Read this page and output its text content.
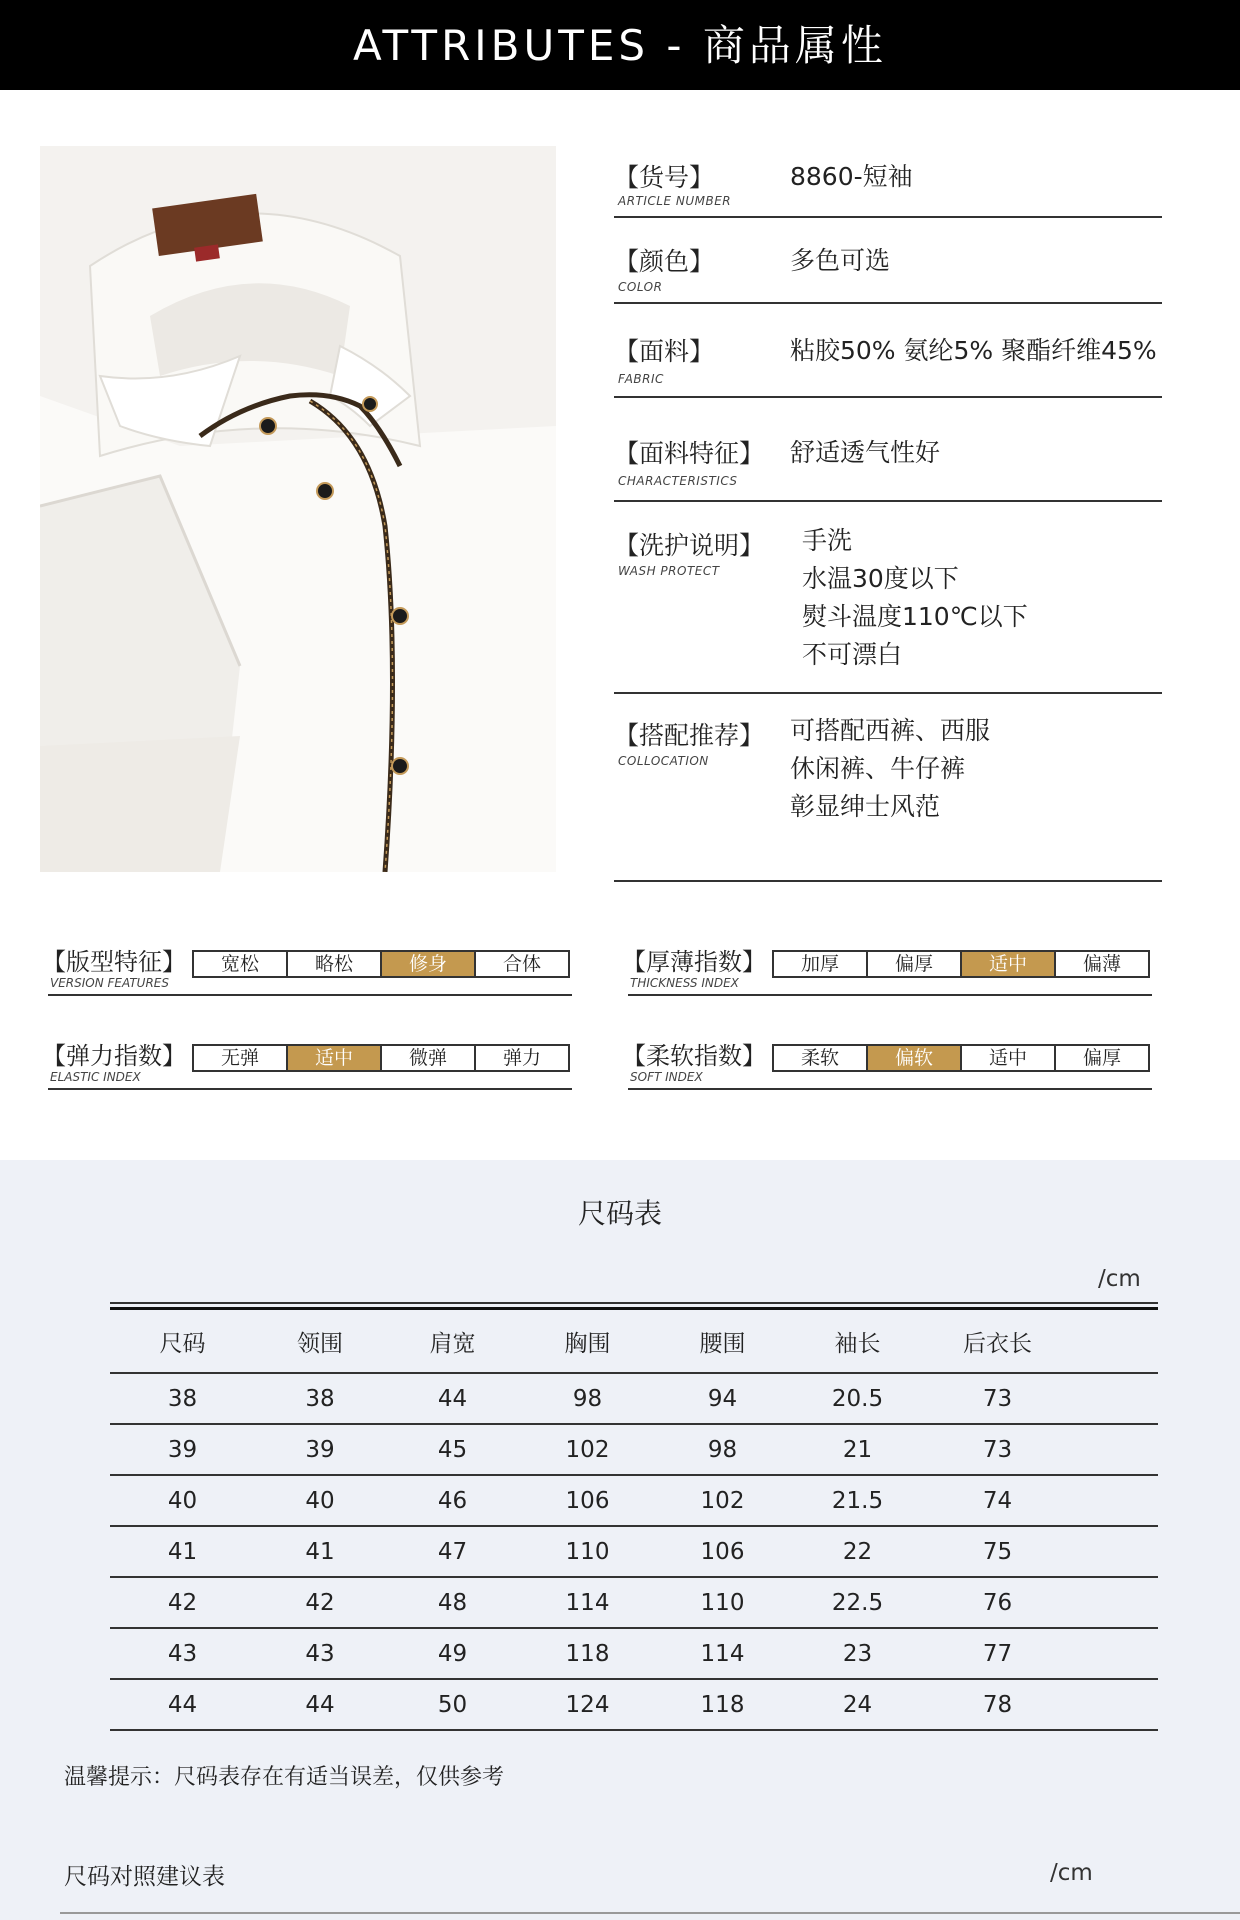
ATTRIBUTES - 商品属性
【货号】
ARTICLE NUMBER
8860-短袖
【颜色】
COLOR
多色可选
【面料】
FABRIC
粘胶50% 氨纶5% 聚酯纤维45%
【面料特征】
CHARACTERISTICS
舒适透气性好
【洗护说明】
WASH PROTECT
手洗
水温30度以下
熨斗温度110℃以下
不可漂白
【搭配推荐】
COLLOCATION
可搭配西裤、西服
休闲裤、牛仔裤
彰显绅士风范
【版型特征】
VERSION FEATURES
宽松	略松	修身	合体	【厚薄指数】
THICKNESS INDEX
加厚	偏厚	适中	偏薄
【弹力指数】
ELASTIC INDEX
无弹	适中	微弹	弹力	【柔软指数】
SOFT INDEX
柔软	偏软	适中	偏厚
尺码表
/cm
尺码	领围	肩宽	胸围	腰围	袖长	后衣长
38	38	44	98	94	20.5	73
39	39	45	102	98	21	73
40	40	46	106	102	21.5	74
41	41	47	110	106	22	75
42	42	48	114	110	22.5	76
43	43	49	118	114	23	77
44	44	50	124	118	24	78
温馨提示：尺码表存在有适当误差，仅供参考
尺码对照建议表	/cm
